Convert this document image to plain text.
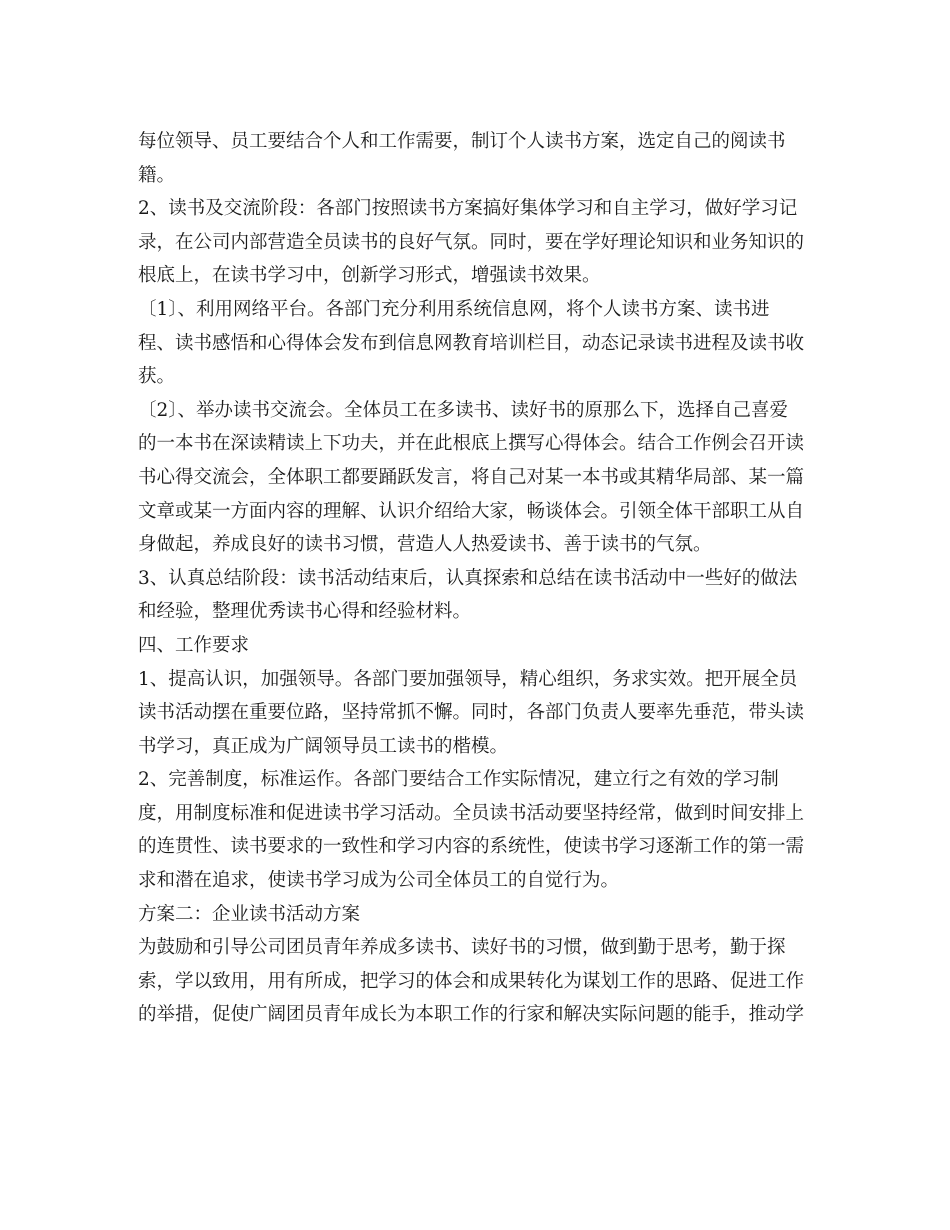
每位领导、员工要结合个人和工作需要，制订个人读书方案，选定自己的阅读书
籍。
2、读书及交流阶段：各部门按照读书方案搞好集体学习和自主学习，做好学习记
录，在公司内部营造全员读书的良好气氛。同时，要在学好理论知识和业务知识的
根底上，在读书学习中，创新学习形式，增强读书效果。
〔1〕、利用网络平台。各部门充分利用系统信息网，将个人读书方案、读书进
程、读书感悟和心得体会发布到信息网教育培训栏目，动态记录读书进程及读书收
获。
〔2〕、举办读书交流会。全体员工在多读书、读好书的原那么下，选择自己喜爱
的一本书在深读精读上下功夫，并在此根底上撰写心得体会。结合工作例会召开读
书心得交流会，全体职工都要踊跃发言，将自己对某一本书或其精华局部、某一篇
文章或某一方面内容的理解、认识介绍给大家，畅谈体会。引领全体干部职工从自
身做起，养成良好的读书习惯，营造人人热爱读书、善于读书的气氛。
3、认真总结阶段：读书活动结束后，认真探索和总结在读书活动中一些好的做法
和经验，整理优秀读书心得和经验材料。
四、工作要求
1、提高认识，加强领导。各部门要加强领导，精心组织，务求实效。把开展全员
读书活动摆在重要位路，坚持常抓不懈。同时，各部门负责人要率先垂范，带头读
书学习，真正成为广阔领导员工读书的楷模。
2、完善制度，标准运作。各部门要结合工作实际情况，建立行之有效的学习制
度，用制度标准和促进读书学习活动。全员读书活动要坚持经常，做到时间安排上
的连贯性、读书要求的一致性和学习内容的系统性，使读书学习逐渐工作的第一需
求和潜在追求，使读书学习成为公司全体员工的自觉行为。
方案二：企业读书活动方案
为鼓励和引导公司团员青年养成多读书、读好书的习惯，做到勤于思考，勤于探
索，学以致用，用有所成，把学习的体会和成果转化为谋划工作的思路、促进工作
的举措，促使广阔团员青年成长为本职工作的行家和解决实际问题的能手，推动学
